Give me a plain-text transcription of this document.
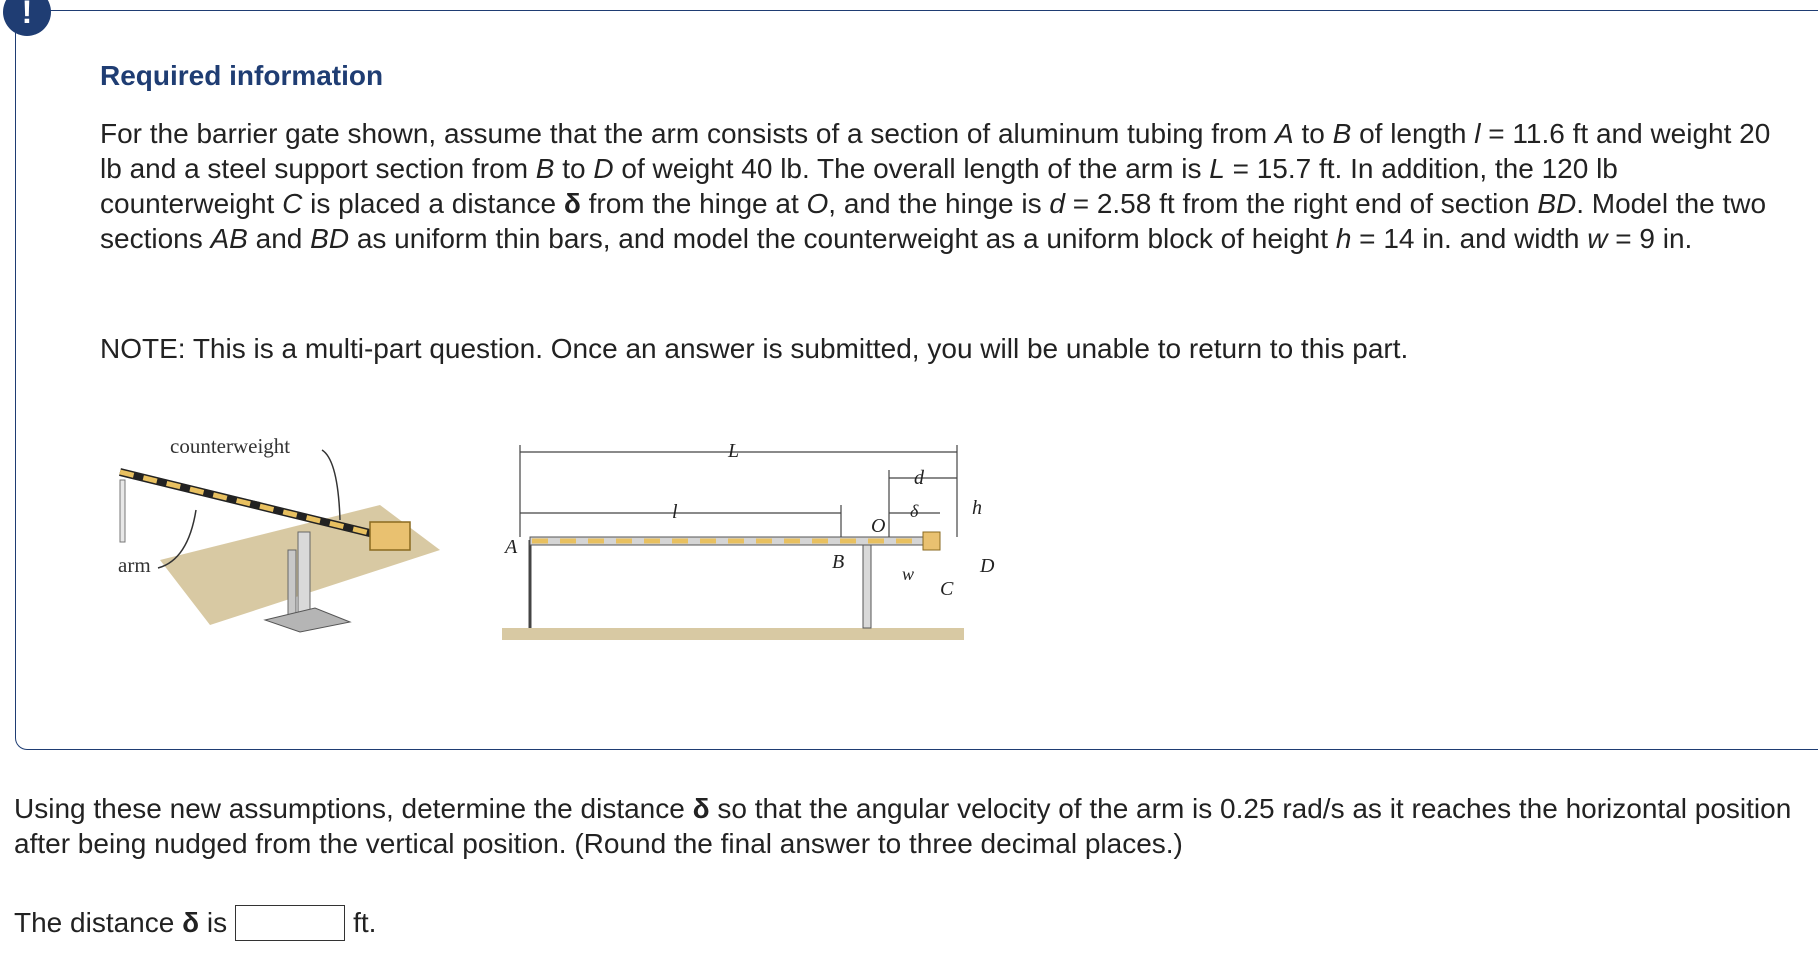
!
Required information

For the barrier gate shown, assume that the arm consists of a section of aluminum tubing from A to B of length l = 11.6 ft and weight 20 lb and a steel support section from B to D of weight 40 lb. The overall length of the arm is L = 15.7 ft. In addition, the 120 lb counterweight C is placed a distance δ from the hinge at O, and the hinge is d = 2.58 ft from the right end of section BD. Model the two sections AB and BD as uniform thin bars, and model the counterweight as a uniform block of height h = 14 in. and width w = 9 in.

NOTE: This is a multi-part question. Once an answer is submitted, you will be unable to return to this part.

counterweight
arm
L
l
d
δ	h
A
O
B
w	D
C

Using these new assumptions, determine the distance δ so that the angular velocity of the arm is 0.25 rad/s as it reaches the horizontal position after being nudged from the vertical position. (Round the final answer to three decimal places.)

The distance δ is	ft.
